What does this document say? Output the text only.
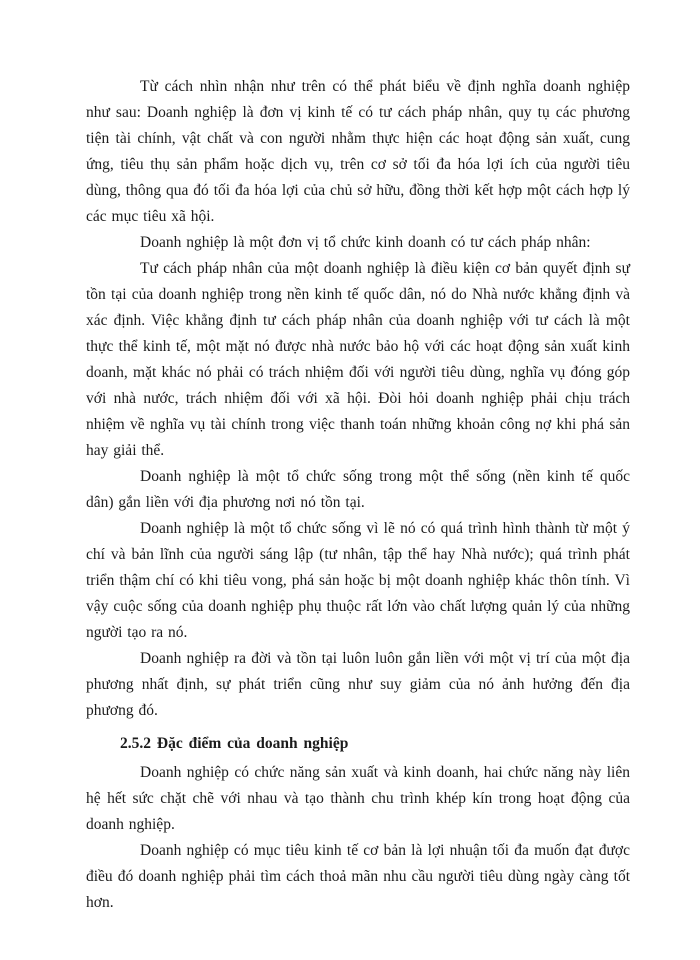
Từ cách nhìn nhận như trên có thể phát biểu về định nghĩa doanh nghiệp như sau: Doanh nghiệp là đơn vị kinh tế có tư cách pháp nhân, quy tụ các phương tiện tài chính, vật chất và con người nhằm thực hiện các hoạt động sản xuất, cung ứng, tiêu thụ sản phẩm hoặc dịch vụ, trên cơ sở tối đa hóa lợi ích của người tiêu dùng, thông qua đó tối đa hóa lợi của chủ sở hữu, đồng thời kết hợp một cách hợp lý các mục tiêu xã hội.

Doanh nghiệp là một đơn vị tổ chức kinh doanh có tư cách pháp nhân:

Tư cách pháp nhân của một doanh nghiệp là điều kiện cơ bản quyết định sự tồn tại của doanh nghiệp trong nền kinh tế quốc dân, nó do Nhà nước khẳng định và xác định. Việc khẳng định tư cách pháp nhân của doanh nghiệp với tư cách là một thực thể kinh tế, một mặt nó được nhà nước bảo hộ với các hoạt động sản xuất kinh doanh, mặt khác nó phải có trách nhiệm đối với người tiêu dùng, nghĩa vụ đóng góp với nhà nước, trách nhiệm đối với xã hội. Đòi hỏi doanh nghiệp phải chịu trách nhiệm về nghĩa vụ tài chính trong việc thanh toán những khoản công nợ khi phá sản hay giải thể.

Doanh nghiệp là một tổ chức sống trong một thể sống (nền kinh tế quốc dân) gắn liền với địa phương nơi nó tồn tại.

Doanh nghiệp là một tổ chức sống vì lẽ nó có quá trình hình thành từ một ý chí và bản lĩnh của người sáng lập (tư nhân, tập thể hay Nhà nước); quá trình phát triển thậm chí có khi tiêu vong, phá sản hoặc bị một doanh nghiệp khác thôn tính. Vì vậy cuộc sống của doanh nghiệp phụ thuộc rất lớn vào chất lượng quản lý của những người tạo ra nó.

Doanh nghiệp ra đời và tồn tại luôn luôn gắn liền với một vị trí của một địa phương nhất định, sự phát triển cũng như suy giảm của nó ảnh hưởng đến địa phương đó.

2.5.2 Đặc điểm của doanh nghiệp

Doanh nghiệp có chức năng sản xuất và kinh doanh, hai chức năng này liên hệ hết sức chặt chẽ với nhau và tạo thành chu trình khép kín trong hoạt động của doanh nghiệp.

Doanh nghiệp có mục tiêu kinh tế cơ bản là lợi nhuận tối đa muốn đạt được điều đó doanh nghiệp phải tìm cách thoả mãn nhu cầu người tiêu dùng ngày càng tốt hơn.
